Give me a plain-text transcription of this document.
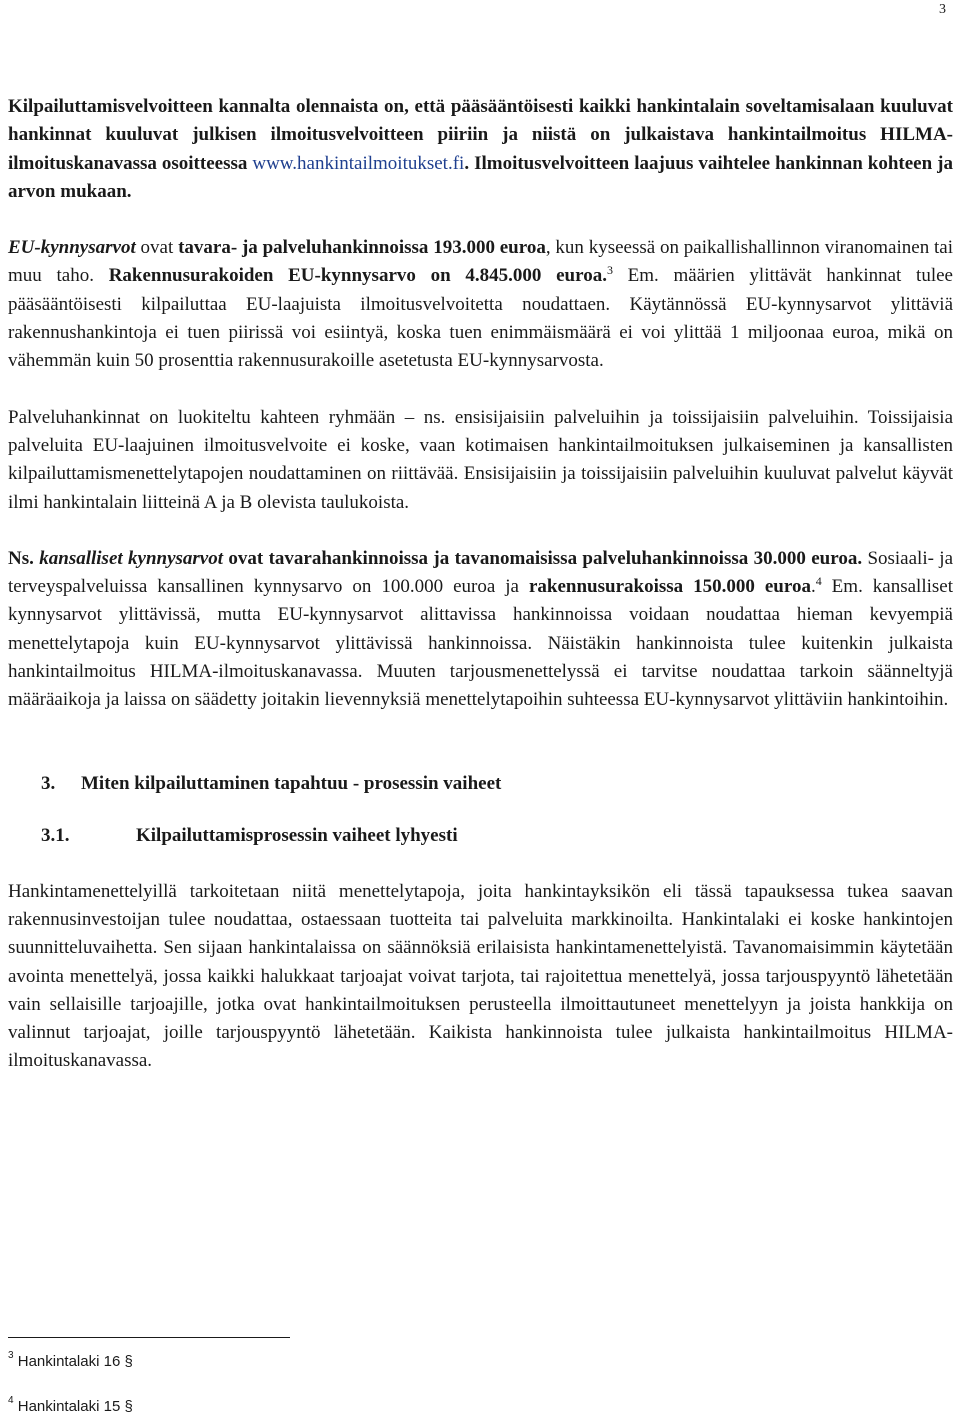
3

Kilpailuttamisvelvoitteen kannalta olennaista on, että pääsääntöisesti kaikki hankintalain soveltamisalaan kuuluvat hankinnat kuuluvat julkisen ilmoitusvelvoitteen piiriin ja niistä on julkaistava hankintailmoitus HILMA-ilmoituskanavassa osoitteessa www.hankintailmoitukset.fi. Ilmoitusvelvoitteen laajuus vaihtelee hankinnan kohteen ja arvon mukaan.

EU-kynnysarvot ovat tavara- ja palveluhankinnoissa 193.000 euroa, kun kyseessä on paikallishallinnon viranomainen tai muu taho. Rakennusurakoiden EU-kynnysarvo on 4.845.000 euroa.$^3$ Em. määrien ylittävät hankinnat tulee pääsääntöisesti kilpailuttaa EU-laajuista ilmoitusvelvoitetta noudattaen. Käytännössä EU-kynnysarvot ylittäviä rakennushankintoja ei tuen piirissä voi esiintyä, koska tuen enimmäismäärä ei voi ylittää 1 miljoonaa euroa, mikä on vähemmän kuin 50 prosenttia rakennusurakoille asetetusta EU-kynnysarvosta.

Palveluhankinnat on luokiteltu kahteen ryhmään – ns. ensisijaisiin palveluihin ja toissijaisiin palveluihin. Toissijaisia palveluita EU-laajuinen ilmoitusvelvoite ei koske, vaan kotimaisen hankintailmoituksen julkaiseminen ja kansallisten kilpailuttamismenettelytapojen noudattaminen on riittävää. Ensisijaisiin ja toissijaisiin palveluihin kuuluvat palvelut käyvät ilmi hankintalain liitteinä A ja B olevista taulukoista.

Ns. kansalliset kynnysarvot ovat tavarahankinnoissa ja tavanomaisissa palveluhankinnoissa 30.000 euroa. Sosiaali- ja terveyspalveluissa kansallinen kynnysarvo on 100.000 euroa ja rakennusurakoissa 150.000 euroa.$^4$ Em. kansalliset kynnysarvot ylittävissä, mutta EU-kynnysarvot alittavissa hankinnoissa voidaan noudattaa hieman kevyempiä menettelytapoja kuin EU-kynnysarvot ylittävissä hankinnoissa. Näistäkin hankinnoista tulee kuitenkin julkaista hankintailmoitus HILMA-ilmoituskanavassa. Muuten tarjousmenettelyssä ei tarvitse noudattaa tarkoin säänneltyjä määräaikoja ja laissa on säädetty joitakin lievennyksiä menettelytapoihin suhteessa EU-kynnysarvot ylittäviin hankintoihin.

3. Miten kilpailuttaminen tapahtuu - prosessin vaiheet
3.1.	Kilpailuttamisprosessin vaiheet lyhyesti

Hankintamenettelyillä tarkoitetaan niitä menettelytapoja, joita hankintayksikön eli tässä tapauksessa tukea saavan rakennusinvestoijan tulee noudattaa, ostaessaan tuotteita tai palveluita markkinoilta. Hankintalaki ei koske hankintojen suunnitteluvaihetta. Sen sijaan hankintalaissa on säännöksiä erilaisista hankintamenettelyistä. Tavanomaisimmin käytetään avointa menettelyä, jossa kaikki halukkaat tarjoajat voivat tarjota, tai rajoitettua menettelyä, jossa tarjouspyyntö lähetetään vain sellaisille tarjoajille, jotka ovat hankintailmoituksen perusteella ilmoittautuneet menettelyyn ja joista hankkija on valinnut tarjoajat, joille tarjouspyyntö lähetetään. Kaikista hankinnoista tulee julkaista hankintailmoitus HILMA-ilmoituskanavassa.

$^3$ Hankintalaki 16 §
$^4$ Hankintalaki 15 §
